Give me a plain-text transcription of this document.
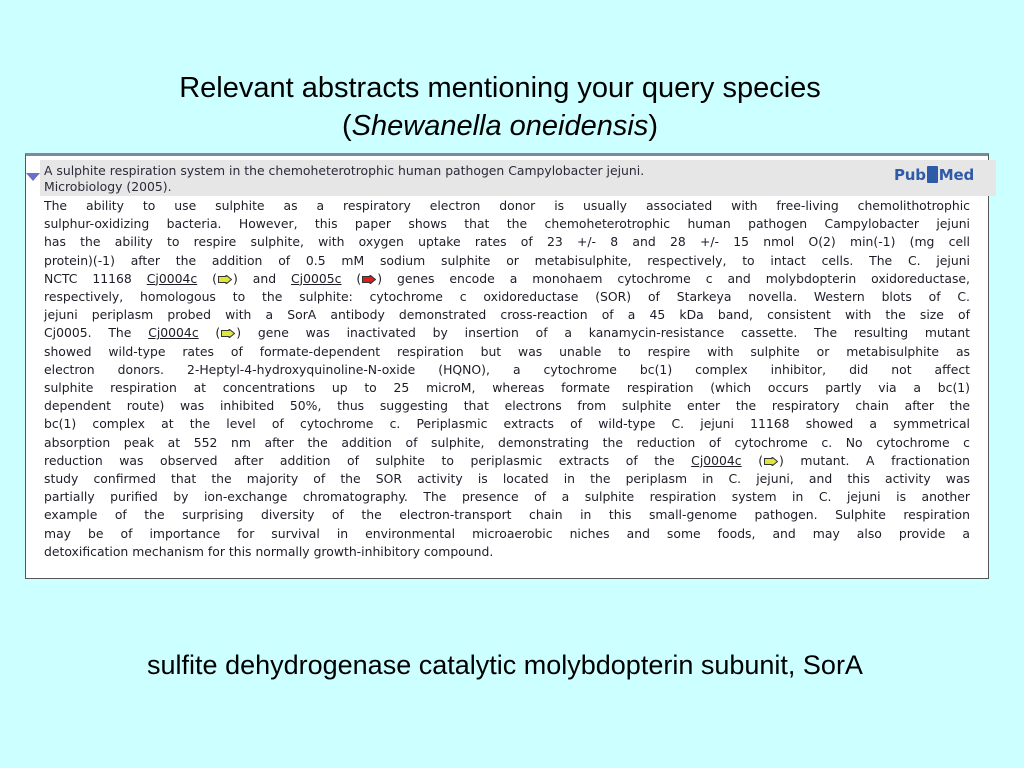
Relevant abstracts mentioning your query species
(Shewanella oneidensis)
A sulphite respiration system in the chemoheterotrophic human pathogen Campylobacter jejuni.
Microbiology (2005).
Pub Med
The ability to use sulphite as a respiratory electron donor is usually associated with free-living chemolithotrophic
sulphur-oxidizing bacteria. However, this paper shows that the chemoheterotrophic human pathogen Campylobacter jejuni
has the ability to respire sulphite, with oxygen uptake rates of 23 +/- 8 and 28 +/- 15 nmol O(2) min(-1) (mg cell
protein)(-1) after the addition of 0.5 mM sodium sulphite or metabisulphite, respectively, to intact cells. The C. jejuni
NCTC 11168 Cj0004c ( ) and Cj0005c ( ) genes encode a monohaem cytochrome c and molybdopterin oxidoreductase,
respectively, homologous to the sulphite: cytochrome c oxidoreductase (SOR) of Starkeya novella. Western blots of C.
jejuni periplasm probed with a SorA antibody demonstrated cross-reaction of a 45 kDa band, consistent with the size of
Cj0005. The Cj0004c ( ) gene was inactivated by insertion of a kanamycin-resistance cassette. The resulting mutant
showed wild-type rates of formate-dependent respiration but was unable to respire with sulphite or metabisulphite as
electron donors. 2-Heptyl-4-hydroxyquinoline-N-oxide (HQNO), a cytochrome bc(1) complex inhibitor, did not affect
sulphite respiration at concentrations up to 25 microM, whereas formate respiration (which occurs partly via a bc(1)
dependent route) was inhibited 50%, thus suggesting that electrons from sulphite enter the respiratory chain after the
bc(1) complex at the level of cytochrome c. Periplasmic extracts of wild-type C. jejuni 11168 showed a symmetrical
absorption peak at 552 nm after the addition of sulphite, demonstrating the reduction of cytochrome c. No cytochrome c
reduction was observed after addition of sulphite to periplasmic extracts of the Cj0004c ( ) mutant. A fractionation
study confirmed that the majority of the SOR activity is located in the periplasm in C. jejuni, and this activity was
partially purified by ion-exchange chromatography. The presence of a sulphite respiration system in C. jejuni is another
example of the surprising diversity of the electron-transport chain in this small-genome pathogen. Sulphite respiration
may be of importance for survival in environmental microaerobic niches and some foods, and may also provide a
detoxification mechanism for this normally growth-inhibitory compound.
sulfite dehydrogenase catalytic molybdopterin subunit, SorA
